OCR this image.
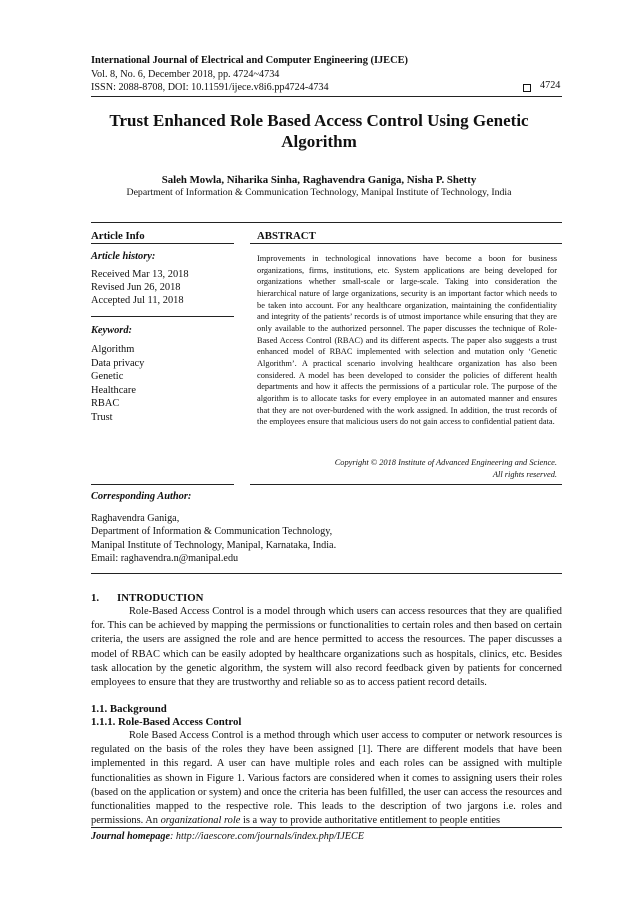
International Journal of Electrical and Computer Engineering (IJECE)
Vol. 8, No. 6, December 2018, pp. 4724~4734
ISSN: 2088-8708, DOI: 10.11591/ijece.v8i6.pp4724-4734	4724
Trust Enhanced Role Based Access Control Using Genetic Algorithm
Saleh Mowla, Niharika Sinha, Raghavendra Ganiga, Nisha P. Shetty
Department of Information & Communication Technology, Manipal Institute of Technology, India
Article Info
Article history:
Received Mar 13, 2018
Revised Jun 26, 2018
Accepted Jul 11, 2018
Keyword:
Algorithm
Data privacy
Genetic
Healthcare
RBAC
Trust
ABSTRACT

Improvements in technological innovations have become a boon for business organizations, firms, institutions, etc. System applications are being developed for organizations whether small-scale or large-scale. Taking into consideration the hierarchical nature of large organizations, security is an important factor which needs to be taken into account. For any healthcare organization, maintaining the confidentiality and integrity of the patients’ records is of utmost importance while ensuring that they are only available to the authorized personnel. The paper discusses the technique of Role-Based Access Control (RBAC) and its different aspects. The paper also suggests a trust enhanced model of RBAC implemented with selection and mutation only ‘Genetic Algorithm’. A practical scenario involving healthcare organization has also been considered. A model has been developed to consider the policies of different health departments and how it affects the permissions of a particular role. The purpose of the algorithm is to allocate tasks for every employee in an automated manner and ensures that they are not over-burdened with the work assigned. In addition, the trust records of the employees ensure that malicious users do not gain access to confidential patient data.

Copyright © 2018 Institute of Advanced Engineering and Science.
All rights reserved.
Corresponding Author:
Raghavendra Ganiga,
Department of Information & Communication Technology,
Manipal Institute of Technology, Manipal, Karnataka, India.
Email: raghavendra.n@manipal.edu
1. INTRODUCTION

Role-Based Access Control is a model through which users can access resources that they are qualified for. This can be achieved by mapping the permissions or functionalities to certain roles and then based on certain criteria, the users are assigned the role and are hence permitted to access the resources. The paper discusses a model of RBAC which can be easily adopted by healthcare organizations such as hospitals, clinics, etc. Besides task allocation by the genetic algorithm, the system will also record feedback given by patients for concerned employees to ensure that they are trustworthy and reliable so as to access patient record details.

1.1. Background
1.1.1. Role-Based Access Control

Role Based Access Control is a method through which user access to computer or network resources is regulated on the basis of the roles they have been assigned [1]. There are different models that have been implemented in this regard. A user can have multiple roles and each roles can be assigned with multiple functionalities as shown in Figure 1. Various factors are considered when it comes to assigning users their roles (based on the application or system) and once the criteria has been fulfilled, the user can access the resources and functionalities mapped to the respective role. This leads to the description of two jargons i.e. roles and permissions. An organizational role is a way to provide authoritative entitlement to people entities

Journal homepage: http://iaescore.com/journals/index.php/IJECE
